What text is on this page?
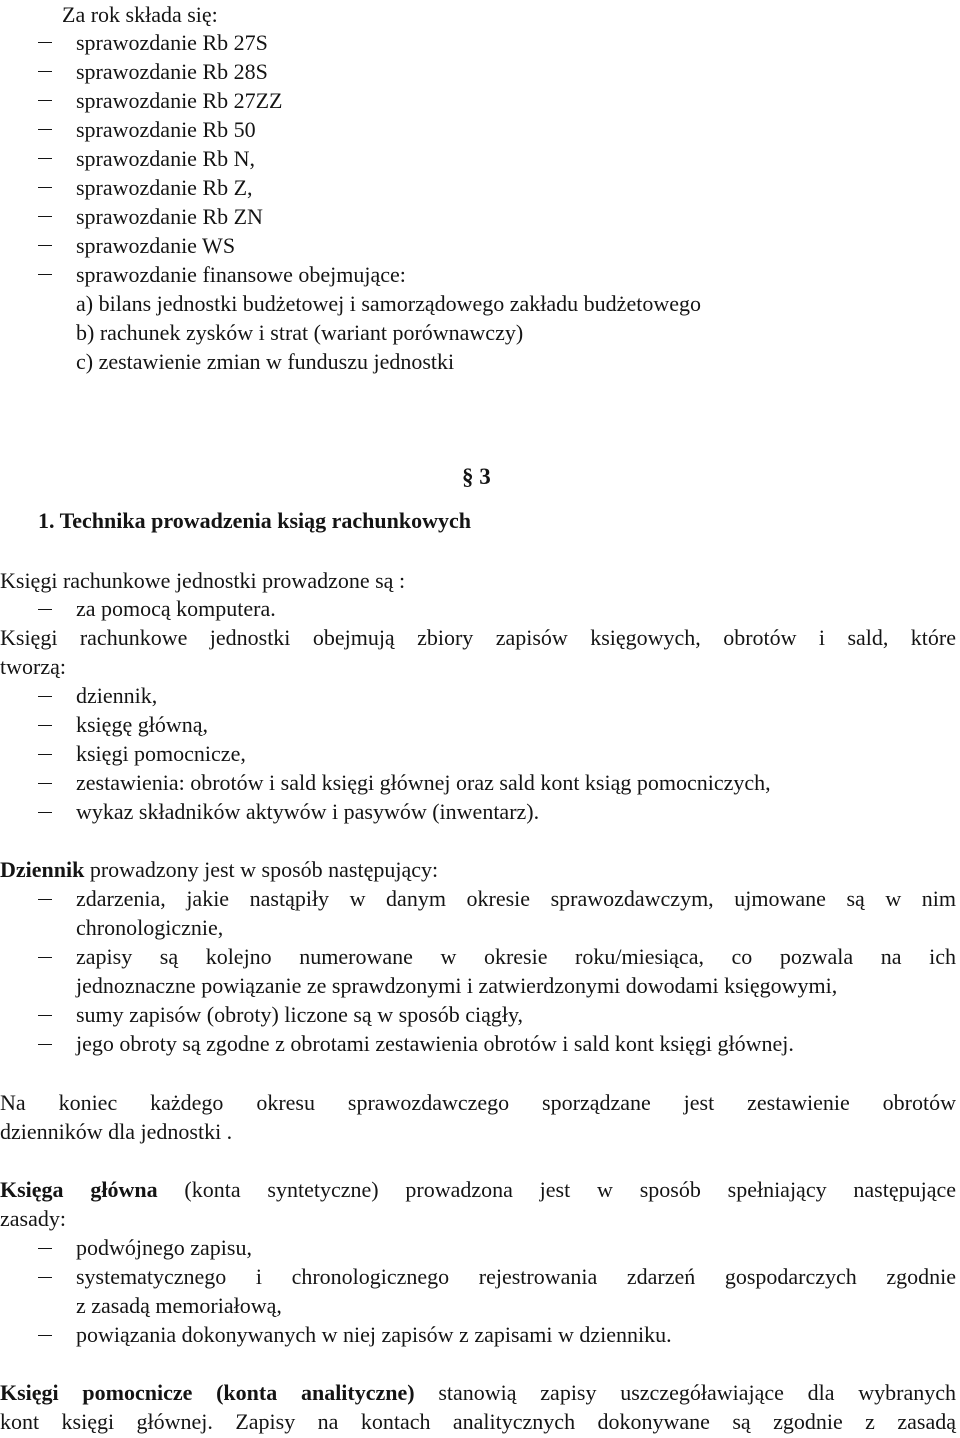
Za rok składa się:
sprawozdanie Rb 27S
sprawozdanie Rb 28S
sprawozdanie Rb 27ZZ
sprawozdanie Rb 50
sprawozdanie Rb N,
sprawozdanie Rb Z,
sprawozdanie Rb ZN
sprawozdanie WS
sprawozdanie finansowe obejmujące:
a) bilans jednostki budżetowej i samorządowego zakładu budżetowego
b) rachunek zysków i strat (wariant porównawczy)
c) zestawienie zmian w funduszu jednostki
§ 3
1. Technika prowadzenia ksiąg rachunkowych
Księgi rachunkowe jednostki prowadzone są :
za pomocą komputera.
Księgi rachunkowe jednostki obejmują zbiory zapisów księgowych, obrotów i sald, które
tworzą:
dziennik,
księgę główną,
księgi pomocnicze,
zestawienia: obrotów i sald księgi głównej oraz sald kont ksiąg pomocniczych,
wykaz składników aktywów i pasywów (inwentarz).
Dziennik prowadzony jest w sposób następujący:
zdarzenia, jakie nastąpiły w danym okresie sprawozdawczym, ujmowane są w nim
chronologicznie,
zapisy są kolejno numerowane w okresie roku/miesiąca, co pozwala na ich
jednoznaczne powiązanie ze sprawdzonymi i zatwierdzonymi dowodami księgowymi,
sumy zapisów (obroty) liczone są w sposób ciągły,
jego obroty są zgodne z obrotami zestawienia obrotów i sald kont księgi głównej.
Na koniec każdego okresu sprawozdawczego sporządzane jest zestawienie obrotów
dzienników dla jednostki .
Księga główna (konta syntetyczne) prowadzona jest w sposób spełniający następujące
zasady:
podwójnego zapisu,
systematycznego i chronologicznego rejestrowania zdarzeń gospodarczych zgodnie
z zasadą memoriałową,
powiązania dokonywanych w niej zapisów z zapisami w dzienniku.
Księgi pomocnicze (konta analityczne) stanowią zapisy uszczegóławiające dla wybranych
kont księgi głównej. Zapisy na kontach analitycznych dokonywane są zgodnie z zasadą
